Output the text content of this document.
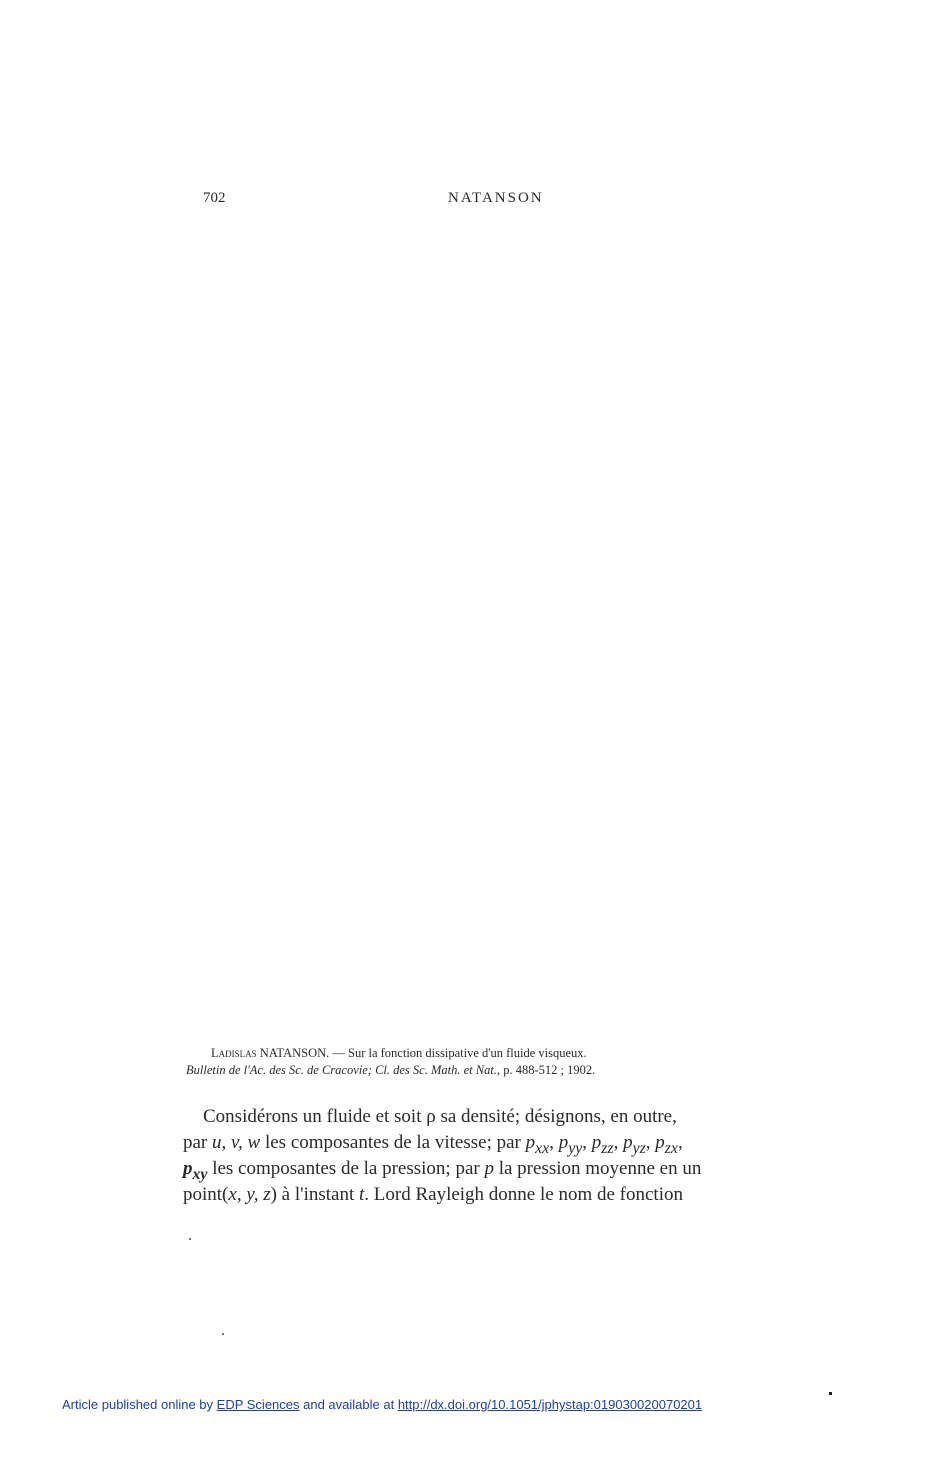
702	NATANSON
Ladislas NATANSON. — Sur la fonction dissipative d'un fluide visqueux.
Bulletin de l'Ac. des Sc. de Cracovie; Cl. des Sc. Math. et Nat., p. 488-512 ; 1902.
Considérons un fluide et soit ρ sa densité; désignons, en outre,
par u, v, w les composantes de la vitesse; par $p_{xx}$, $p_{yy}$, $p_{zz}$, $p_{yz}$, $p_{zx}$,
$p_{xy}$ les composantes de la pression; par p la pression moyenne en un
point(x, y, z) à l'instant t. Lord Rayleigh donne le nom de fonction
Article published online by EDP Sciences and available at http://dx.doi.org/10.1051/jphystap:019030020070201
